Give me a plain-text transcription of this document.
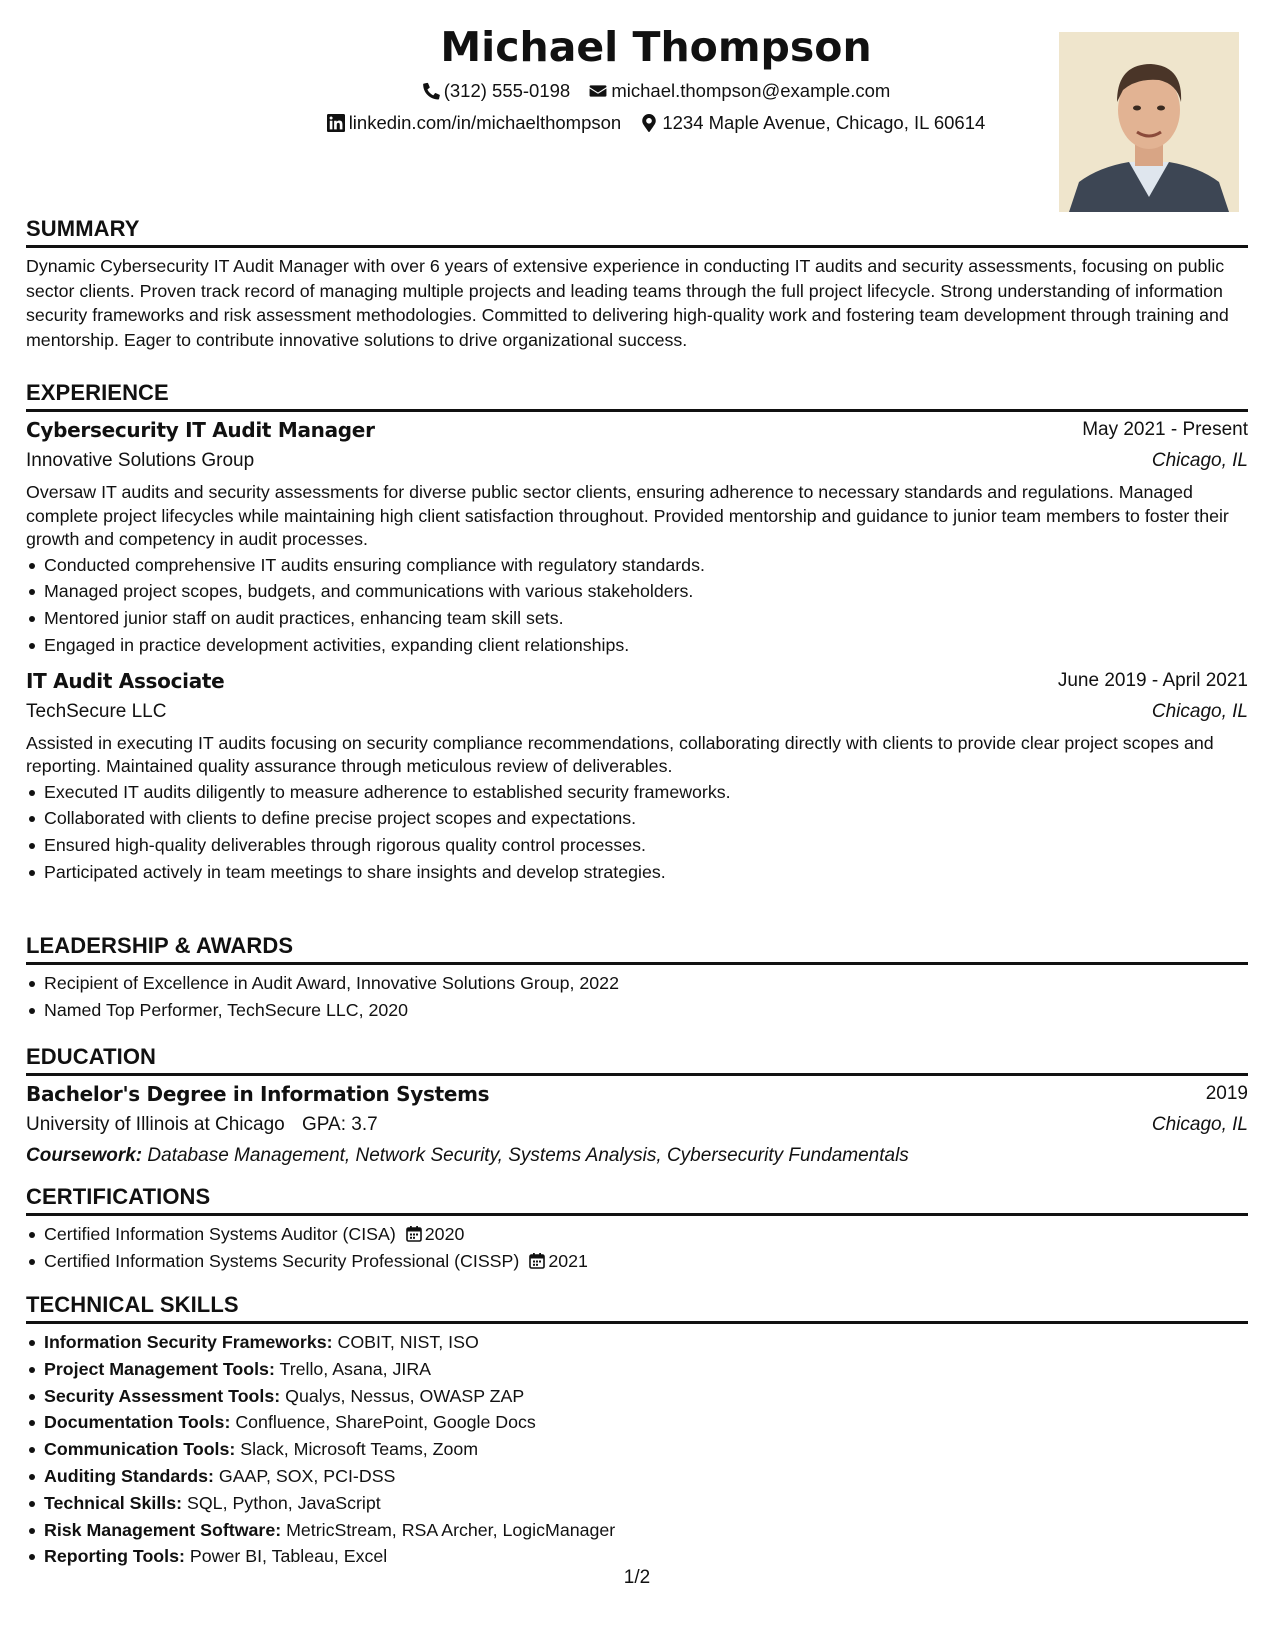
Michael Thompson
(312) 555-0198
michael.thompson@example.com
linkedin.com/in/michaelthompson
1234 Maple Avenue, Chicago, IL 60614
SUMMARY

Dynamic Cybersecurity IT Audit Manager with over 6 years of extensive experience in conducting IT audits and security assessments, focusing on public sector clients. Proven track record of managing multiple projects and leading teams through the full project lifecycle. Strong understanding of information security frameworks and risk assessment methodologies. Committed to delivering high-quality work and fostering team development through training and mentorship. Eager to contribute innovative solutions to drive organizational success.

EXPERIENCE
Cybersecurity IT Audit Manager	May 2021 - Present
Innovative Solutions Group	Chicago, IL

Oversaw IT audits and security assessments for diverse public sector clients, ensuring adherence to necessary standards and regulations. Managed complete project lifecycles while maintaining high client satisfaction throughout. Provided mentorship and guidance to junior team members to foster their growth and competency in audit processes.

Conducted comprehensive IT audits ensuring compliance with regulatory standards.
Managed project scopes, budgets, and communications with various stakeholders.
Mentored junior staff on audit practices, enhancing team skill sets.
Engaged in practice development activities, expanding client relationships.
IT Audit Associate	June 2019 - April 2021
TechSecure LLC	Chicago, IL

Assisted in executing IT audits focusing on security compliance recommendations, collaborating directly with clients to provide clear project scopes and reporting. Maintained quality assurance through meticulous review of deliverables.

Executed IT audits diligently to measure adherence to established security frameworks.
Collaborated with clients to define precise project scopes and expectations.
Ensured high-quality deliverables through rigorous quality control processes.
Participated actively in team meetings to share insights and develop strategies.
LEADERSHIP & AWARDS
Recipient of Excellence in Audit Award, Innovative Solutions Group, 2022
Named Top Performer, TechSecure LLC, 2020
EDUCATION
Bachelor's Degree in Information Systems	2019
University of Illinois at Chicago GPA: 3.7	Chicago, IL
Coursework: Database Management, Network Security, Systems Analysis, Cybersecurity Fundamentals
CERTIFICATIONS
Certified Information Systems Auditor (CISA) 2020
Certified Information Systems Security Professional (CISSP) 2021
TECHNICAL SKILLS
Information Security Frameworks: COBIT, NIST, ISO
Project Management Tools: Trello, Asana, JIRA
Security Assessment Tools: Qualys, Nessus, OWASP ZAP
Documentation Tools: Confluence, SharePoint, Google Docs
Communication Tools: Slack, Microsoft Teams, Zoom
Auditing Standards: GAAP, SOX, PCI-DSS
Technical Skills: SQL, Python, JavaScript
Risk Management Software: MetricStream, RSA Archer, LogicManager
Reporting Tools: Power BI, Tableau, Excel
1/2
